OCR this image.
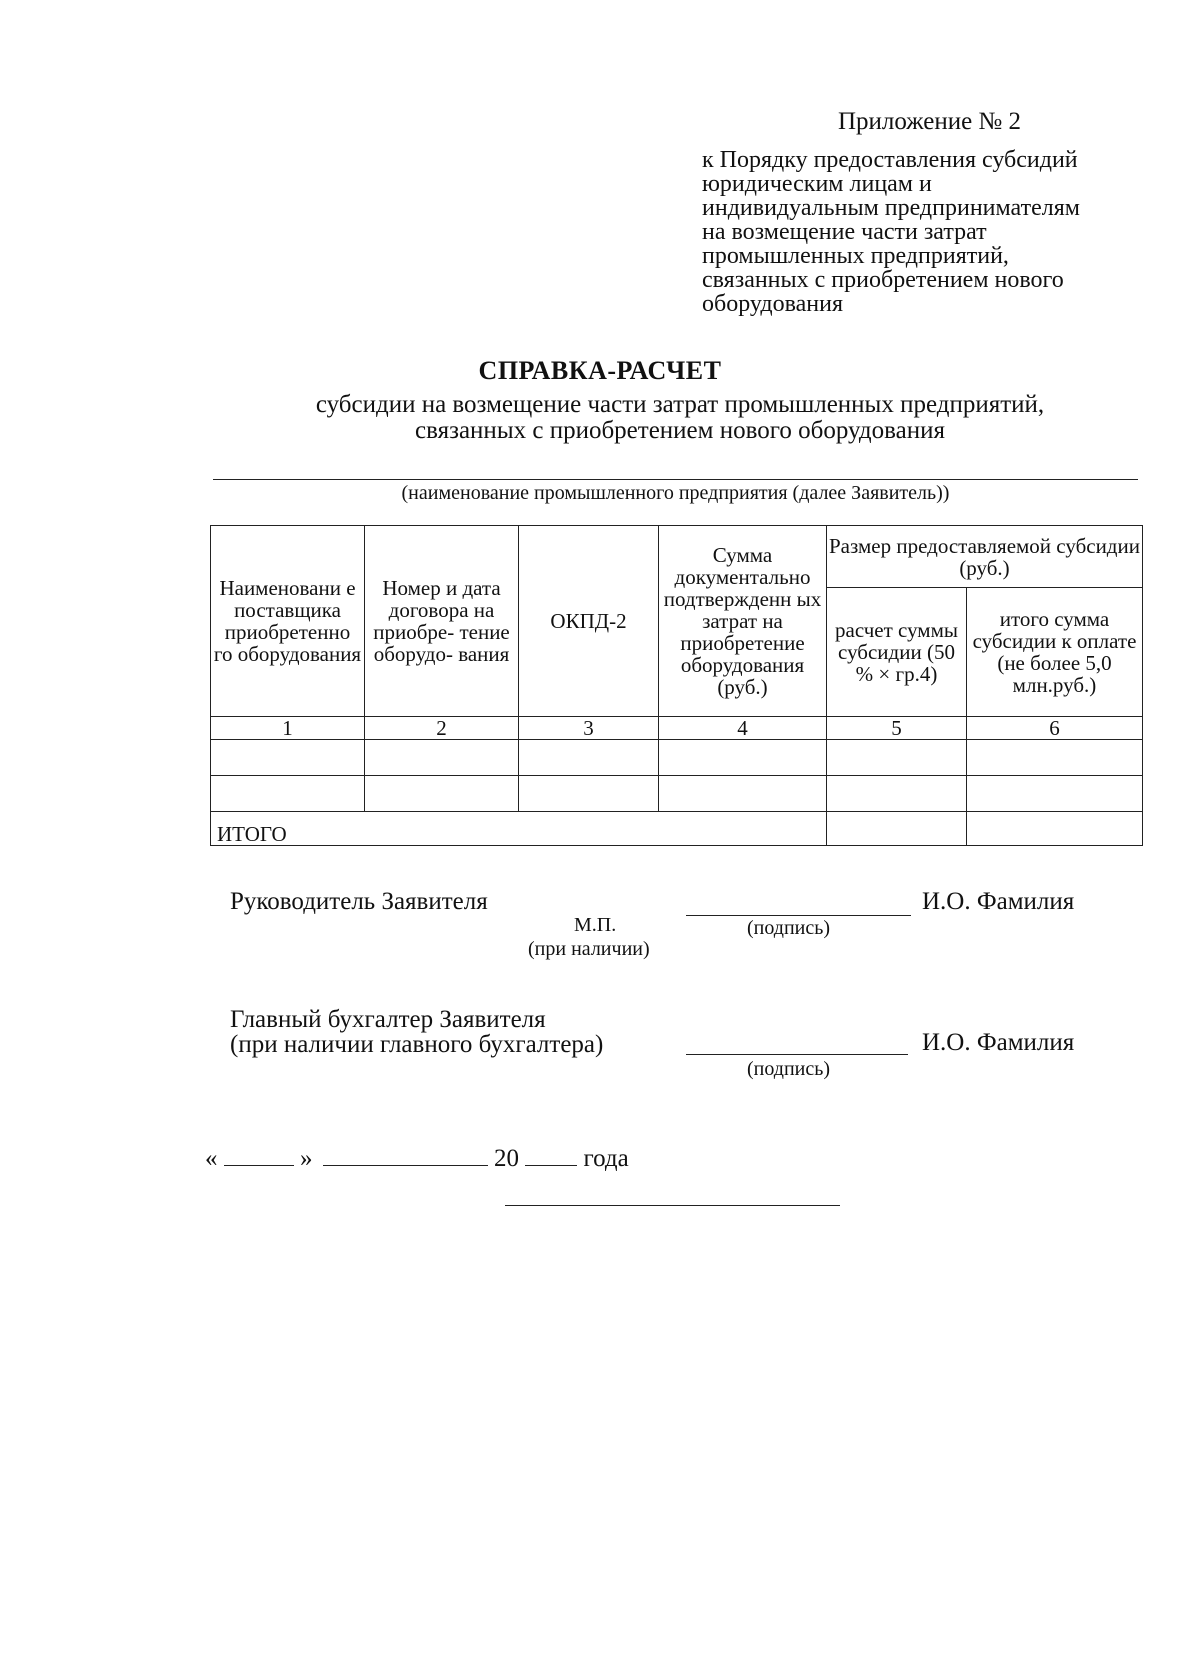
Приложение № 2
к Порядку предоставления субсидий
юридическим лицам и
индивидуальным предпринимателям
на возмещение части затрат
промышленных предприятий,
связанных с приобретением нового
оборудования
СПРАВКА-РАСЧЕТ
субсидии на возмещение части затрат промышленных предприятий,
связанных с приобретением нового оборудования
(наименование промышленного предприятия (далее Заявитель))
Наименовани е поставщика приобретенно го оборудования	Номер и дата договора на приобре- тение оборудо- вания	ОКПД-2	Сумма документально подтвержденн ых затрат на приобретение оборудования (руб.)	Размер предоставляемой субсидии (руб.)	
				расчет суммы субсидии (50 % × гр.4)	итого сумма субсидии к оплате (не более 5,0 млн.руб.)
1	2	3	4	5	6

ИТОГО					
Руководитель Заявителя	И.О. Фамилия
М.П.
(при наличии)
(подпись)
Главный бухгалтер Заявителя
(при наличии главного бухгалтера)	И.О. Фамилия
(подпись)
«	»	20	года
